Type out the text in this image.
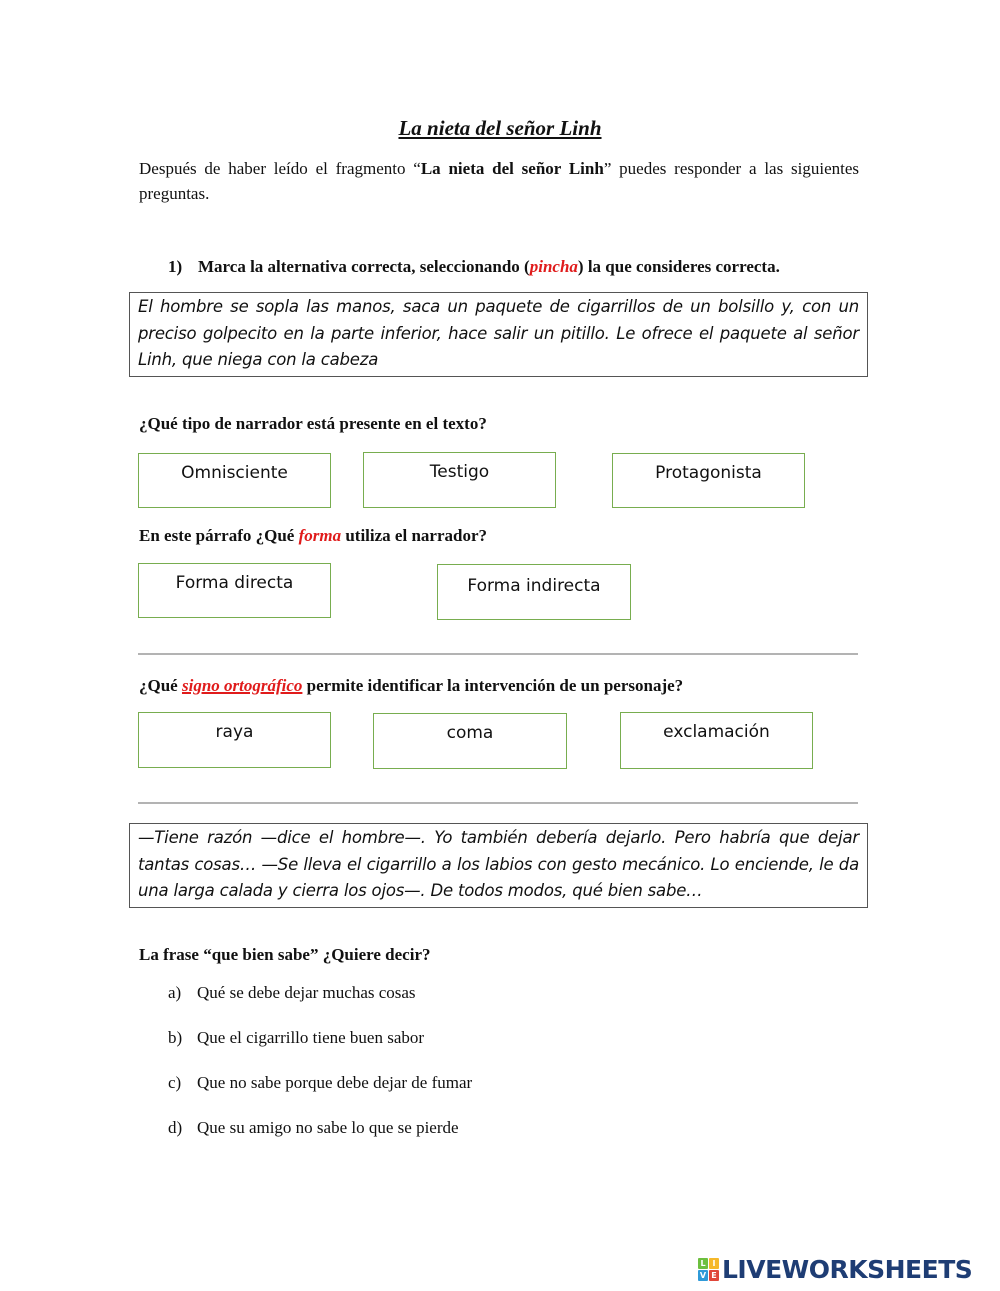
La nieta del señor Linh
Después de haber leído el fragmento “La nieta del señor Linh” puedes responder a las siguientes preguntas.
1) Marca la alternativa correcta, seleccionando (pincha) la que consideres correcta.
El hombre se sopla las manos, saca un paquete de cigarrillos de un bolsillo y, con un preciso golpecito en la parte inferior, hace salir un pitillo. Le ofrece el paquete al señor Linh, que niega con la cabeza
¿Qué tipo de narrador está presente en el texto?
Omnisciente	Testigo	Protagonista
En este párrafo ¿Qué forma utiliza el narrador?
Forma directa	Forma indirecta
¿Qué signo ortográfico permite identificar la intervención de un personaje?
raya	coma	exclamación
—Tiene razón —dice el hombre—. Yo también debería dejarlo. Pero habría que dejar tantas cosas… —Se lleva el cigarrillo a los labios con gesto mecánico. Lo enciende, le da una larga calada y cierra los ojos—. De todos modos, qué bien sabe…
La frase “que bien sabe” ¿Quiere decir?
a) Qué se debe dejar muchas cosas
b) Que el cigarrillo tiene buen sabor
c) Que no sabe porque debe dejar de fumar
d) Que su amigo no sabe lo que se pierde
L I
V E LIVEWORKSHEETS
